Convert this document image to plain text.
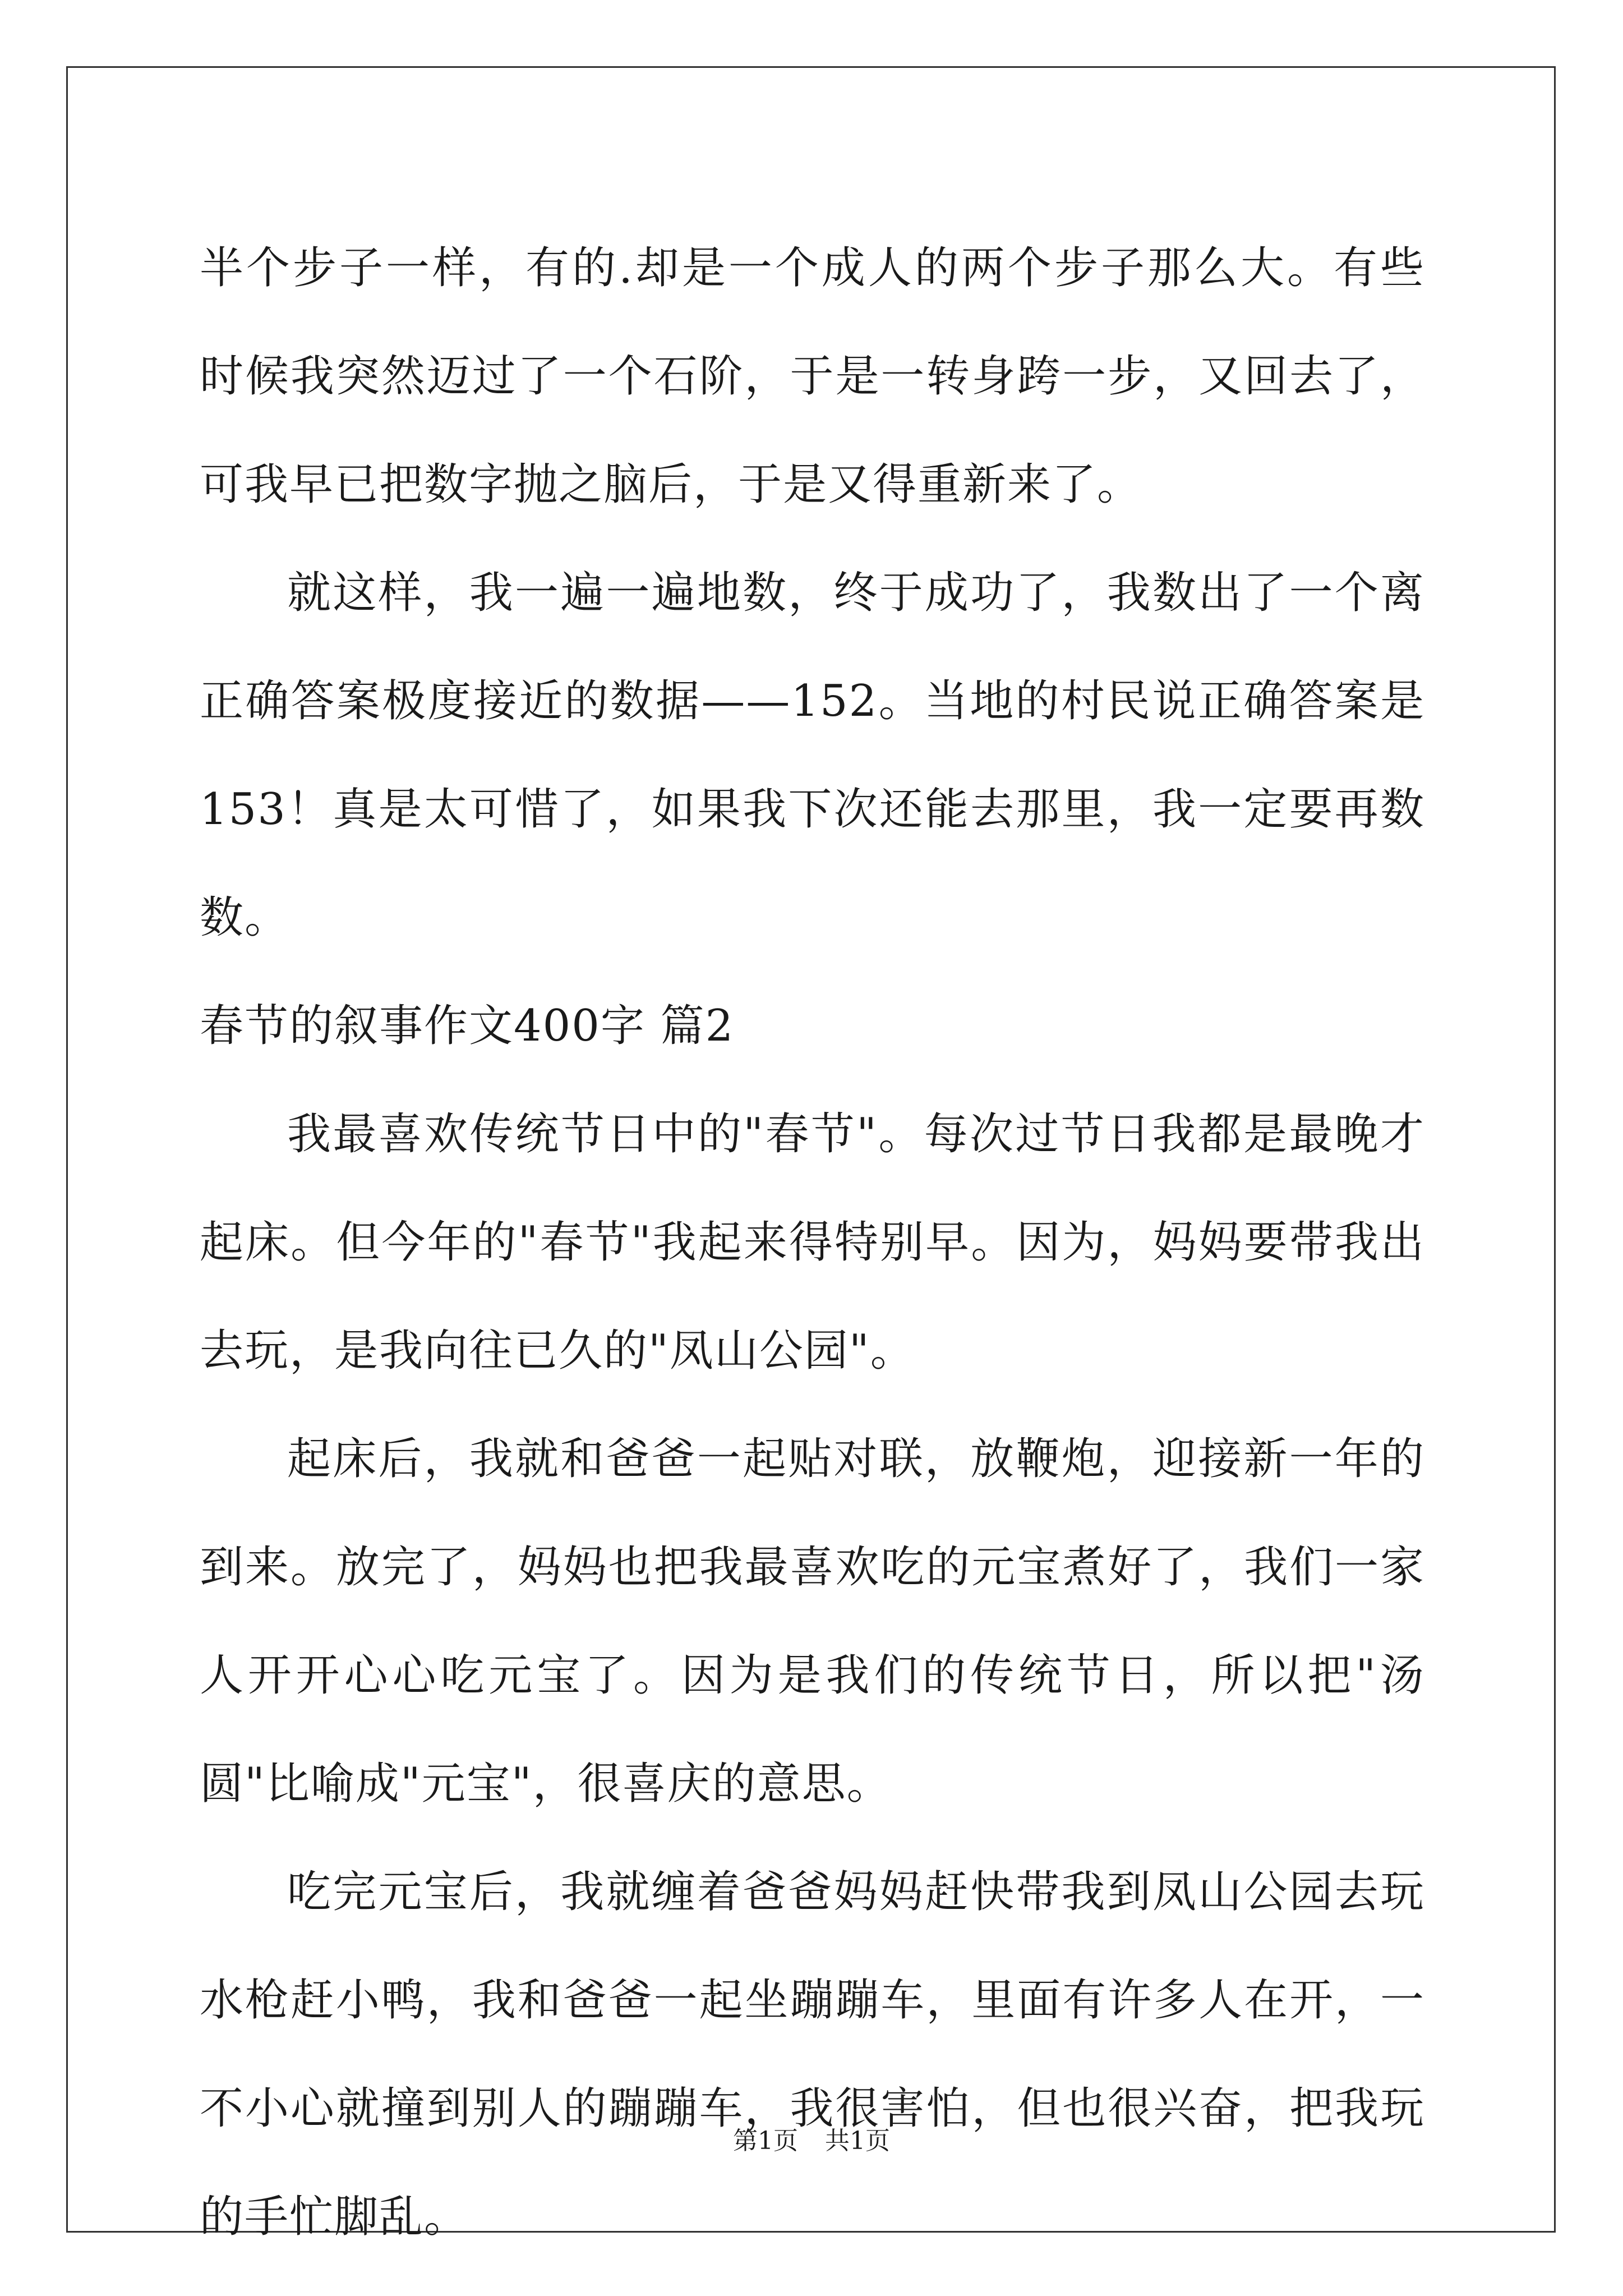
半个步子一样，有的.却是一个成人的两个步子那么大。有些时候我突然迈过了一个石阶，于是一转身跨一步，又回去了，可我早已把数字抛之脑后，于是又得重新来了。

就这样，我一遍一遍地数，终于成功了，我数出了一个离正确答案极度接近的数据——152。当地的村民说正确答案是153！真是太可惜了，如果我下次还能去那里，我一定要再数数。

春节的叙事作文400字 篇2

我最喜欢传统节日中的"春节"。每次过节日我都是最晚才起床。但今年的"春节"我起来得特别早。因为，妈妈要带我出去玩，是我向往已久的"凤山公园"。

起床后，我就和爸爸一起贴对联，放鞭炮，迎接新一年的到来。放完了，妈妈也把我最喜欢吃的元宝煮好了，我们一家人开开心心吃元宝了。因为是我们的传统节日，所以把"汤圆"比喻成"元宝"，很喜庆的意思。

吃完元宝后，我就缠着爸爸妈妈赶快带我到凤山公园去玩水枪赶小鸭，我和爸爸一起坐蹦蹦车，里面有许多人在开，一不小心就撞到别人的蹦蹦车，我很害怕，但也很兴奋，把我玩的手忙脚乱。

第1页 共1页
